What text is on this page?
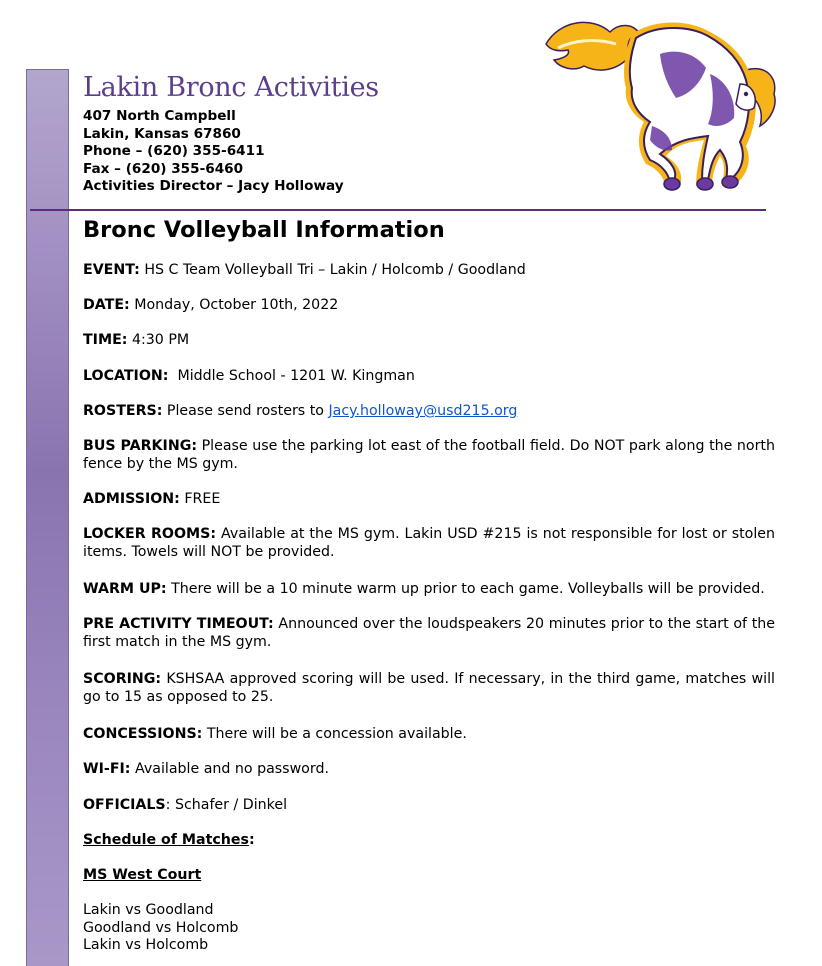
Lakin Bronc Activities
407 North Campbell
Lakin, Kansas 67860
Phone – (620) 355-6411
Fax – (620) 355-6460
Activities Director – Jacy Holloway
Bronc Volleyball Information
EVENT: HS C Team Volleyball Tri – Lakin / Holcomb / Goodland
DATE: Monday, October 10th, 2022
TIME: 4:30 PM
LOCATION:  Middle School - 1201 W. Kingman
ROSTERS: Please send rosters to Jacy.holloway@usd215.org
BUS PARKING: Please use the parking lot east of the football field. Do NOT park along the north fence by the MS gym.
ADMISSION: FREE
LOCKER ROOMS: Available at the MS gym. Lakin USD #215 is not responsible for lost or stolen items. Towels will NOT be provided.
WARM UP: There will be a 10 minute warm up prior to each game. Volleyballs will be provided.
PRE ACTIVITY TIMEOUT: Announced over the loudspeakers 20 minutes prior to the start of the first match in the MS gym.
SCORING: KSHSAA approved scoring will be used. If necessary, in the third game, matches will go to 15 as opposed to 25.
CONCESSIONS: There will be a concession available.
WI-FI: Available and no password.
OFFICIALS: Schafer / Dinkel
Schedule of Matches:
MS West Court
Lakin vs Goodland
Goodland vs Holcomb
Lakin vs Holcomb
